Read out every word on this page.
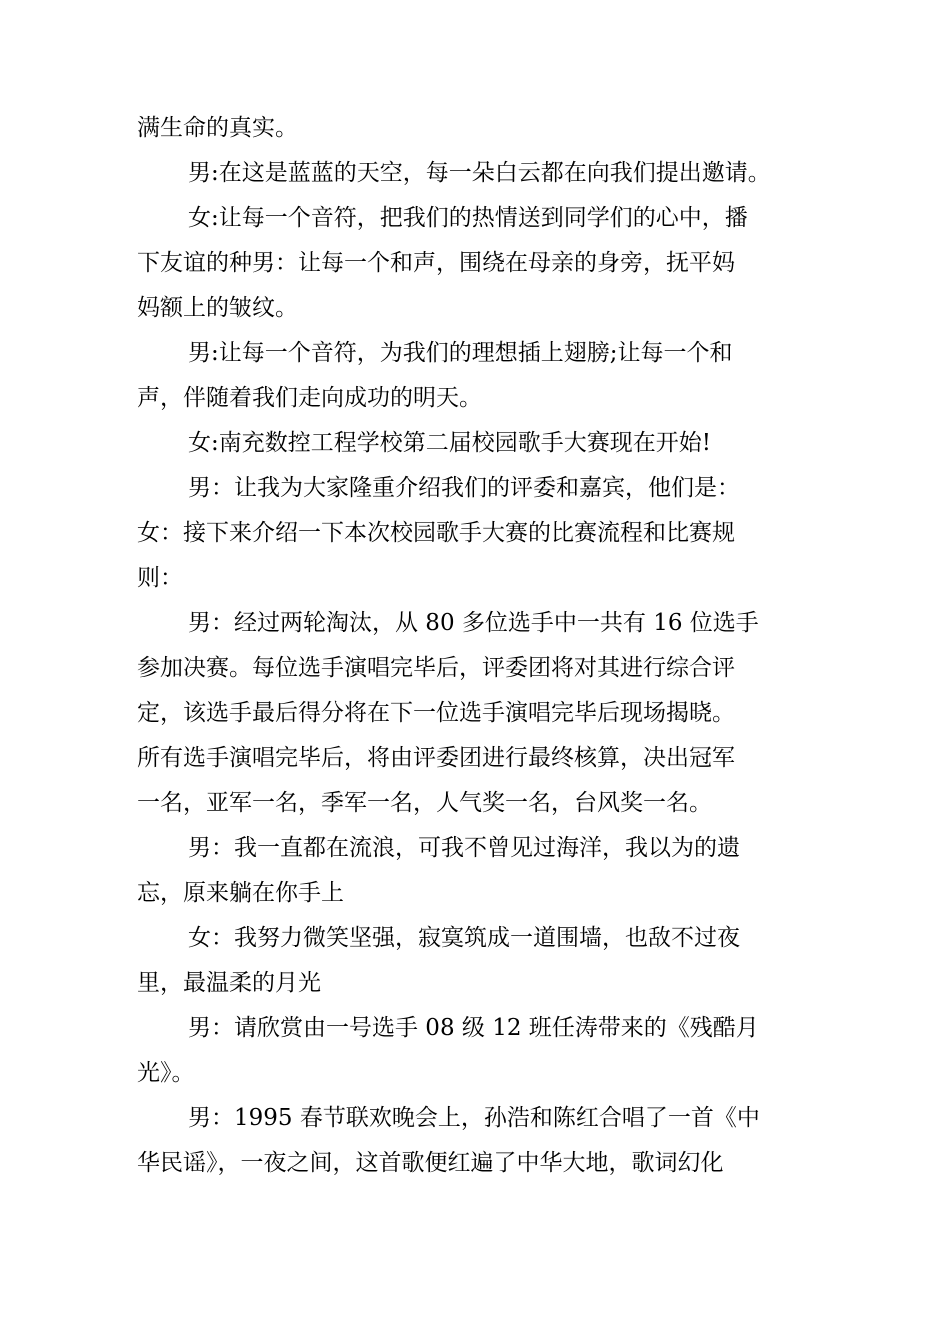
满生命的真实。

男:在这是蓝蓝的天空，每一朵白云都在向我们提出邀请。

女:让每一个音符，把我们的热情送到同学们的心中，播

下友谊的种男：让每一个和声，围绕在母亲的身旁，抚平妈

妈额上的皱纹。

男:让每一个音符，为我们的理想插上翅膀;让每一个和

声，伴随着我们走向成功的明天。

女:南充数控工程学校第二届校园歌手大赛现在开始!

男：让我为大家隆重介绍我们的评委和嘉宾，他们是：

女：接下来介绍一下本次校园歌手大赛的比赛流程和比赛规

则：

男：经过两轮淘汰，从 80 多位选手中一共有 16 位选手

参加决赛。每位选手演唱完毕后，评委团将对其进行综合评

定，该选手最后得分将在下一位选手演唱完毕后现场揭晓。

所有选手演唱完毕后，将由评委团进行最终核算，决出冠军

一名，亚军一名，季军一名，人气奖一名，台风奖一名。

男：我一直都在流浪，可我不曾见过海洋，我以为的遗

忘，原来躺在你手上

女：我努力微笑坚强，寂寞筑成一道围墙，也敌不过夜

里，最温柔的月光

男：请欣赏由一号选手 08 级 12 班任涛带来的《残酷月

光》。

男：1995 春节联欢晚会上，孙浩和陈红合唱了一首《中

华民谣》，一夜之间，这首歌便红遍了中华大地，歌词幻化
